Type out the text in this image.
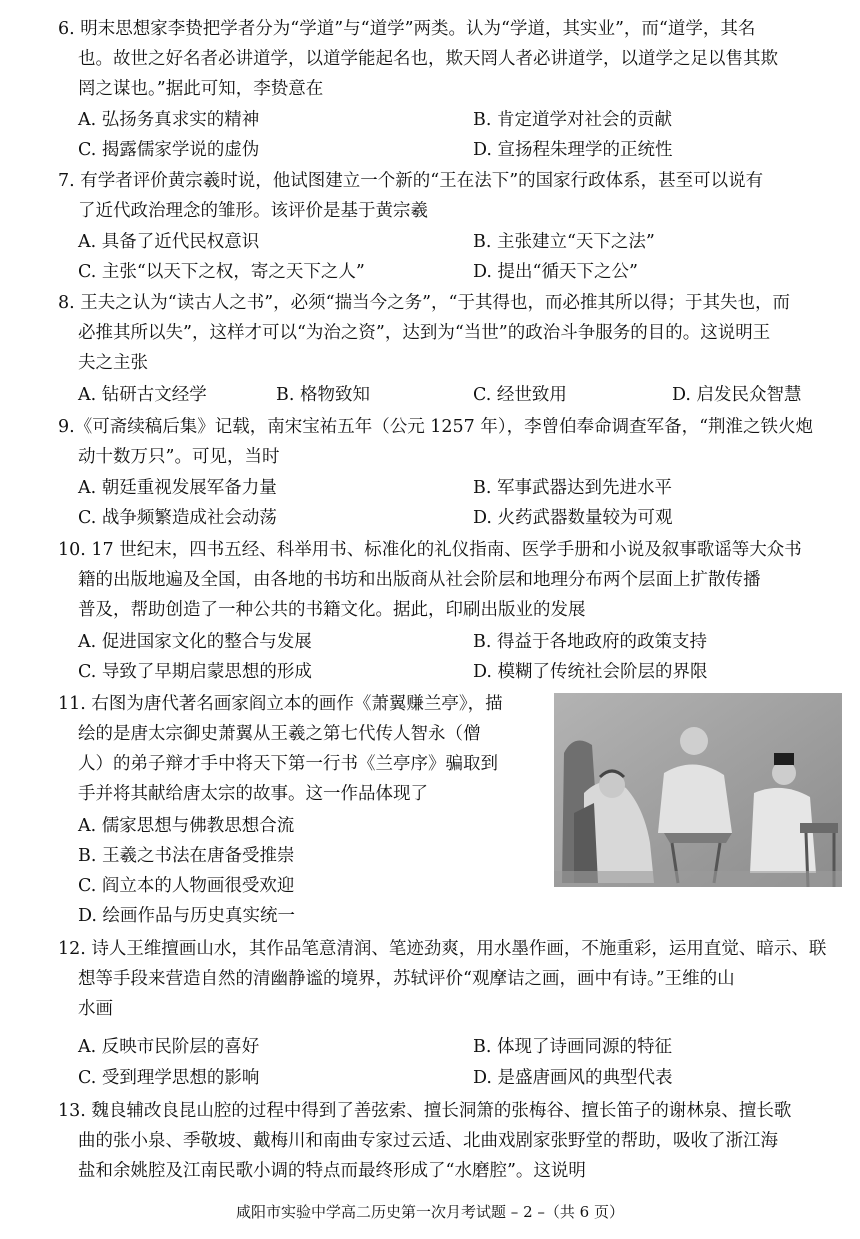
6. 明末思想家李贽把学者分为“学道”与“道学”两类。认为“学道，其实业”，而“道学，其名
也。故世之好名者必讲道学，以道学能起名也，欺天罔人者必讲道学，以道学之足以售其欺
罔之谋也。”据此可知，李贽意在
A. 弘扬务真求实的精神	B. 肯定道学对社会的贡献
C. 揭露儒家学说的虚伪	D. 宣扬程朱理学的正统性
7. 有学者评价黄宗羲时说，他试图建立一个新的“王在法下”的国家行政体系，甚至可以说有
了近代政治理念的雏形。该评价是基于黄宗羲
A. 具备了近代民权意识	B. 主张建立“天下之法”
C. 主张“以天下之权，寄之天下之人”	D. 提出“循天下之公”
8. 王夫之认为“读古人之书”，必须“揣当今之务”，“于其得也，而必推其所以得；于其失也，而
必推其所以失”，这样才可以“为治之资”，达到为“当世”的政治斗争服务的目的。这说明王
夫之主张
A. 钻研古文经学	B. 格物致知	C. 经世致用	D. 启发民众智慧
9.《可斋续稿后集》记载，南宋宝祐五年（公元 1257 年），李曾伯奉命调查军备，“荆淮之铁火炮
动十数万只”。可见，当时
A. 朝廷重视发展军备力量	B. 军事武器达到先进水平
C. 战争频繁造成社会动荡	D. 火药武器数量较为可观
10. 17 世纪末，四书五经、科举用书、标准化的礼仪指南、医学手册和小说及叙事歌谣等大众书
籍的出版地遍及全国，由各地的书坊和出版商从社会阶层和地理分布两个层面上扩散传播
普及，帮助创造了一种公共的书籍文化。据此，印刷出版业的发展
A. 促进国家文化的整合与发展	B. 得益于各地政府的政策支持
C. 导致了早期启蒙思想的形成	D. 模糊了传统社会阶层的界限
11. 右图为唐代著名画家阎立本的画作《萧翼赚兰亭》，描
绘的是唐太宗御史萧翼从王羲之第七代传人智永（僧
人）的弟子辩才手中将天下第一行书《兰亭序》骗取到
手并将其献给唐太宗的故事。这一作品体现了
A. 儒家思想与佛教思想合流
B. 王羲之书法在唐备受推崇
C. 阎立本的人物画很受欢迎
D. 绘画作品与历史真实统一
12. 诗人王维擅画山水，其作品笔意清润、笔迹劲爽，用水墨作画，不施重彩，运用直觉、暗示、联
想等手段来营造自然的清幽静谧的境界，苏轼评价“观摩诘之画，画中有诗。”王维的山
水画
A. 反映市民阶层的喜好	B. 体现了诗画同源的特征
C. 受到理学思想的影响	D. 是盛唐画风的典型代表
13. 魏良辅改良昆山腔的过程中得到了善弦索、擅长洞箫的张梅谷、擅长笛子的谢林泉、擅长歌
曲的张小泉、季敬坡、戴梅川和南曲专家过云适、北曲戏剧家张野堂的帮助，吸收了浙江海
盐和余姚腔及江南民歌小调的特点而最终形成了“水磨腔”。这说明
咸阳市实验中学高二历史第一次月考试题 – 2 –（共 6 页）
